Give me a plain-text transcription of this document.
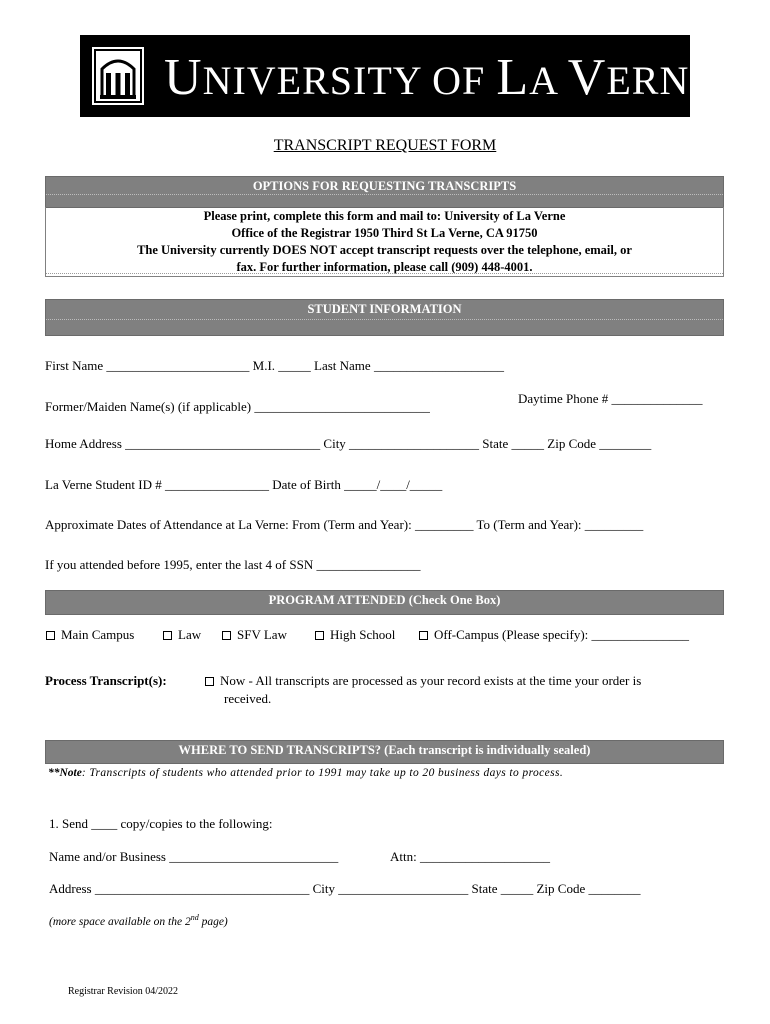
UNIVERSITY OF LA VERNE
TRANSCRIPT REQUEST FORM
OPTIONS FOR REQUESTING TRANSCRIPTS
Please print, complete this form and mail to: University of La Verne
Office of the Registrar 1950 Third St La Verne, CA 91750
The University currently DOES NOT accept transcript requests over the telephone, email, or
fax. For further information, please call (909) 448-4001.
STUDENT INFORMATION
First Name ______________________ M.I. _____ Last Name ____________________
Daytime Phone # ______________
Former/Maiden Name(s) (if applicable) ___________________________
Home Address ______________________________ City ____________________ State _____ Zip Code ________
La Verne Student ID # ________________ Date of Birth _____/____/_____
Approximate Dates of Attendance at La Verne: From (Term and Year): _________ To (Term and Year): _________
If you attended before 1995, enter the last 4 of SSN ________________
PROGRAM ATTENDED (Check One Box)
Main Campus	Law	SFV Law	High School	Off-Campus (Please specify): _______________
Process Transcript(s):	Now - All transcripts are processed as your record exists at the time your order is
received.
WHERE TO SEND TRANSCRIPTS? (Each transcript is individually sealed)
**Note: Transcripts of students who attended prior to 1991 may take up to 20 business days to process.
1. Send ____ copy/copies to the following:
Name and/or Business __________________________	Attn: ____________________
Address _________________________________ City ____________________ State _____ Zip Code ________
(more space available on the 2nd page)
Registrar Revision 04/2022
